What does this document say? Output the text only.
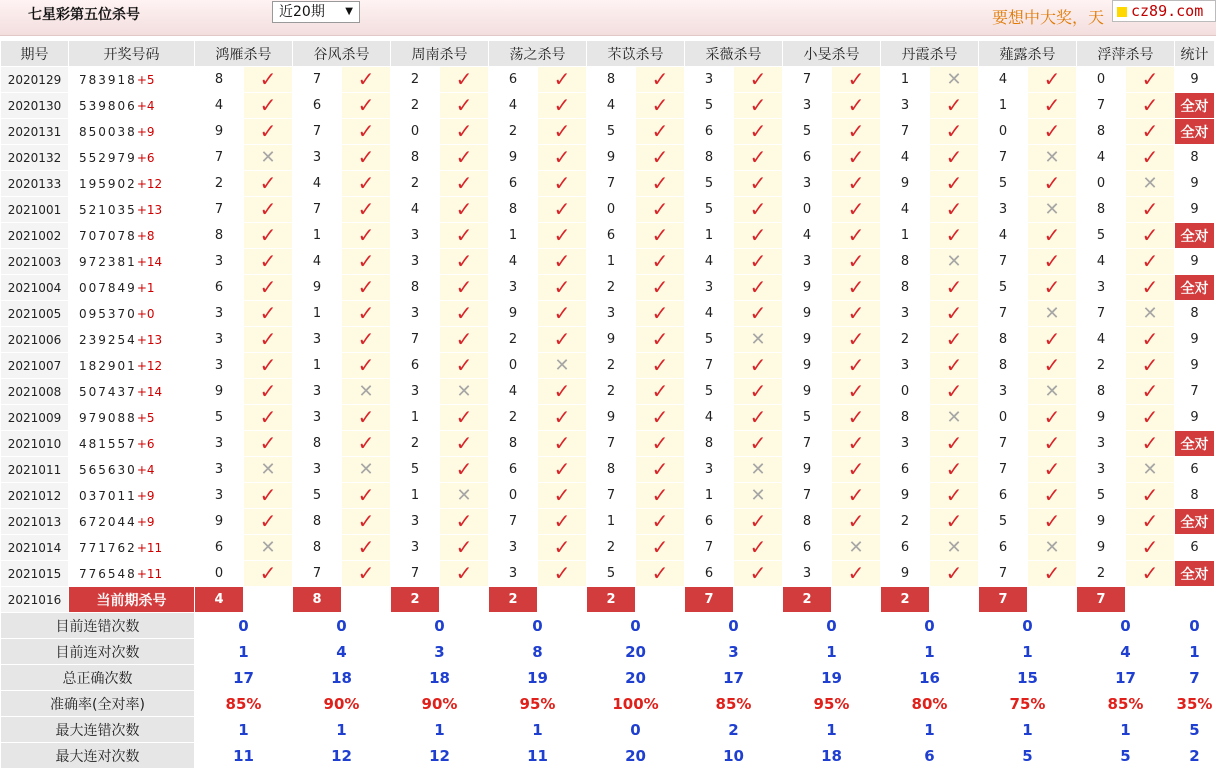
七星彩第五位杀号	近20期 ▼	要想中大奖，天	cz89.com
期号	开奖号码	鸿雁杀号		谷风杀号		周南杀号		荡之杀号		芣苡杀号		采薇杀号		小旻杀号		丹霞杀号		薤露杀号		浮萍杀号		统计
2020129	783918+5	8	✓	7	✓	2	✓	6	✓	8	✓	3	✓	7	✓	1	✕	4	✓	0	✓	9
2020130	539806+4	4	✓	6	✓	2	✓	4	✓	4	✓	5	✓	3	✓	3	✓	1	✓	7	✓	全对
2020131	850038+9	9	✓	7	✓	0	✓	2	✓	5	✓	6	✓	5	✓	7	✓	0	✓	8	✓	全对
2020132	552979+6	7	✕	3	✓	8	✓	9	✓	9	✓	8	✓	6	✓	4	✓	7	✕	4	✓	8
2020133	195902+12	2	✓	4	✓	2	✓	6	✓	7	✓	5	✓	3	✓	9	✓	5	✓	0	✕	9
2021001	521035+13	7	✓	7	✓	4	✓	8	✓	0	✓	5	✓	0	✓	4	✓	3	✕	8	✓	9
2021002	707078+8	8	✓	1	✓	3	✓	1	✓	6	✓	1	✓	4	✓	1	✓	4	✓	5	✓	全对
2021003	972381+14	3	✓	4	✓	3	✓	4	✓	1	✓	4	✓	3	✓	8	✕	7	✓	4	✓	9
2021004	007849+1	6	✓	9	✓	8	✓	3	✓	2	✓	3	✓	9	✓	8	✓	5	✓	3	✓	全对
2021005	095370+0	3	✓	1	✓	3	✓	9	✓	3	✓	4	✓	9	✓	3	✓	7	✕	7	✕	8
2021006	239254+13	3	✓	3	✓	7	✓	2	✓	9	✓	5	✕	9	✓	2	✓	8	✓	4	✓	9
2021007	182901+12	3	✓	1	✓	6	✓	0	✕	2	✓	7	✓	9	✓	3	✓	8	✓	2	✓	9
2021008	507437+14	9	✓	3	✕	3	✕	4	✓	2	✓	5	✓	9	✓	0	✓	3	✕	8	✓	7
2021009	979088+5	5	✓	3	✓	1	✓	2	✓	9	✓	4	✓	5	✓	8	✕	0	✓	9	✓	9
2021010	481557+6	3	✓	8	✓	2	✓	8	✓	7	✓	8	✓	7	✓	3	✓	7	✓	3	✓	全对
2021011	565630+4	3	✕	3	✕	5	✓	6	✓	8	✓	3	✕	9	✓	6	✓	7	✓	3	✕	6
2021012	037011+9	3	✓	5	✓	1	✕	0	✓	7	✓	1	✕	7	✓	9	✓	6	✓	5	✓	8
2021013	672044+9	9	✓	8	✓	3	✓	7	✓	1	✓	6	✓	8	✓	2	✓	5	✓	9	✓	全对
2021014	771762+11	6	✕	8	✓	3	✓	3	✓	2	✓	7	✓	6	✕	6	✕	6	✕	9	✓	6
2021015	776548+11	0	✓	7	✓	7	✓	3	✓	5	✓	6	✓	3	✓	9	✓	7	✓	2	✓	全对
2021016	当前期杀号	4		8		2		2		2		7		2		2		7		7		
目前连错次数		0		0		0		0		0		0		0		0		0		0		0
目前连对次数		1		4		3		8		20		3		1		1		1		4		1
总正确次数		17		18		18		19		20		17		19		16		15		17		7
准确率(全对率)		85%		90%		90%		95%		100%		85%		95%		80%		75%		85%		35%
最大连错次数		1		1		1		1		0		2		1		1		1		1		5
最大连对次数		11		12		12		11		20		10		18		6		5		5		2
